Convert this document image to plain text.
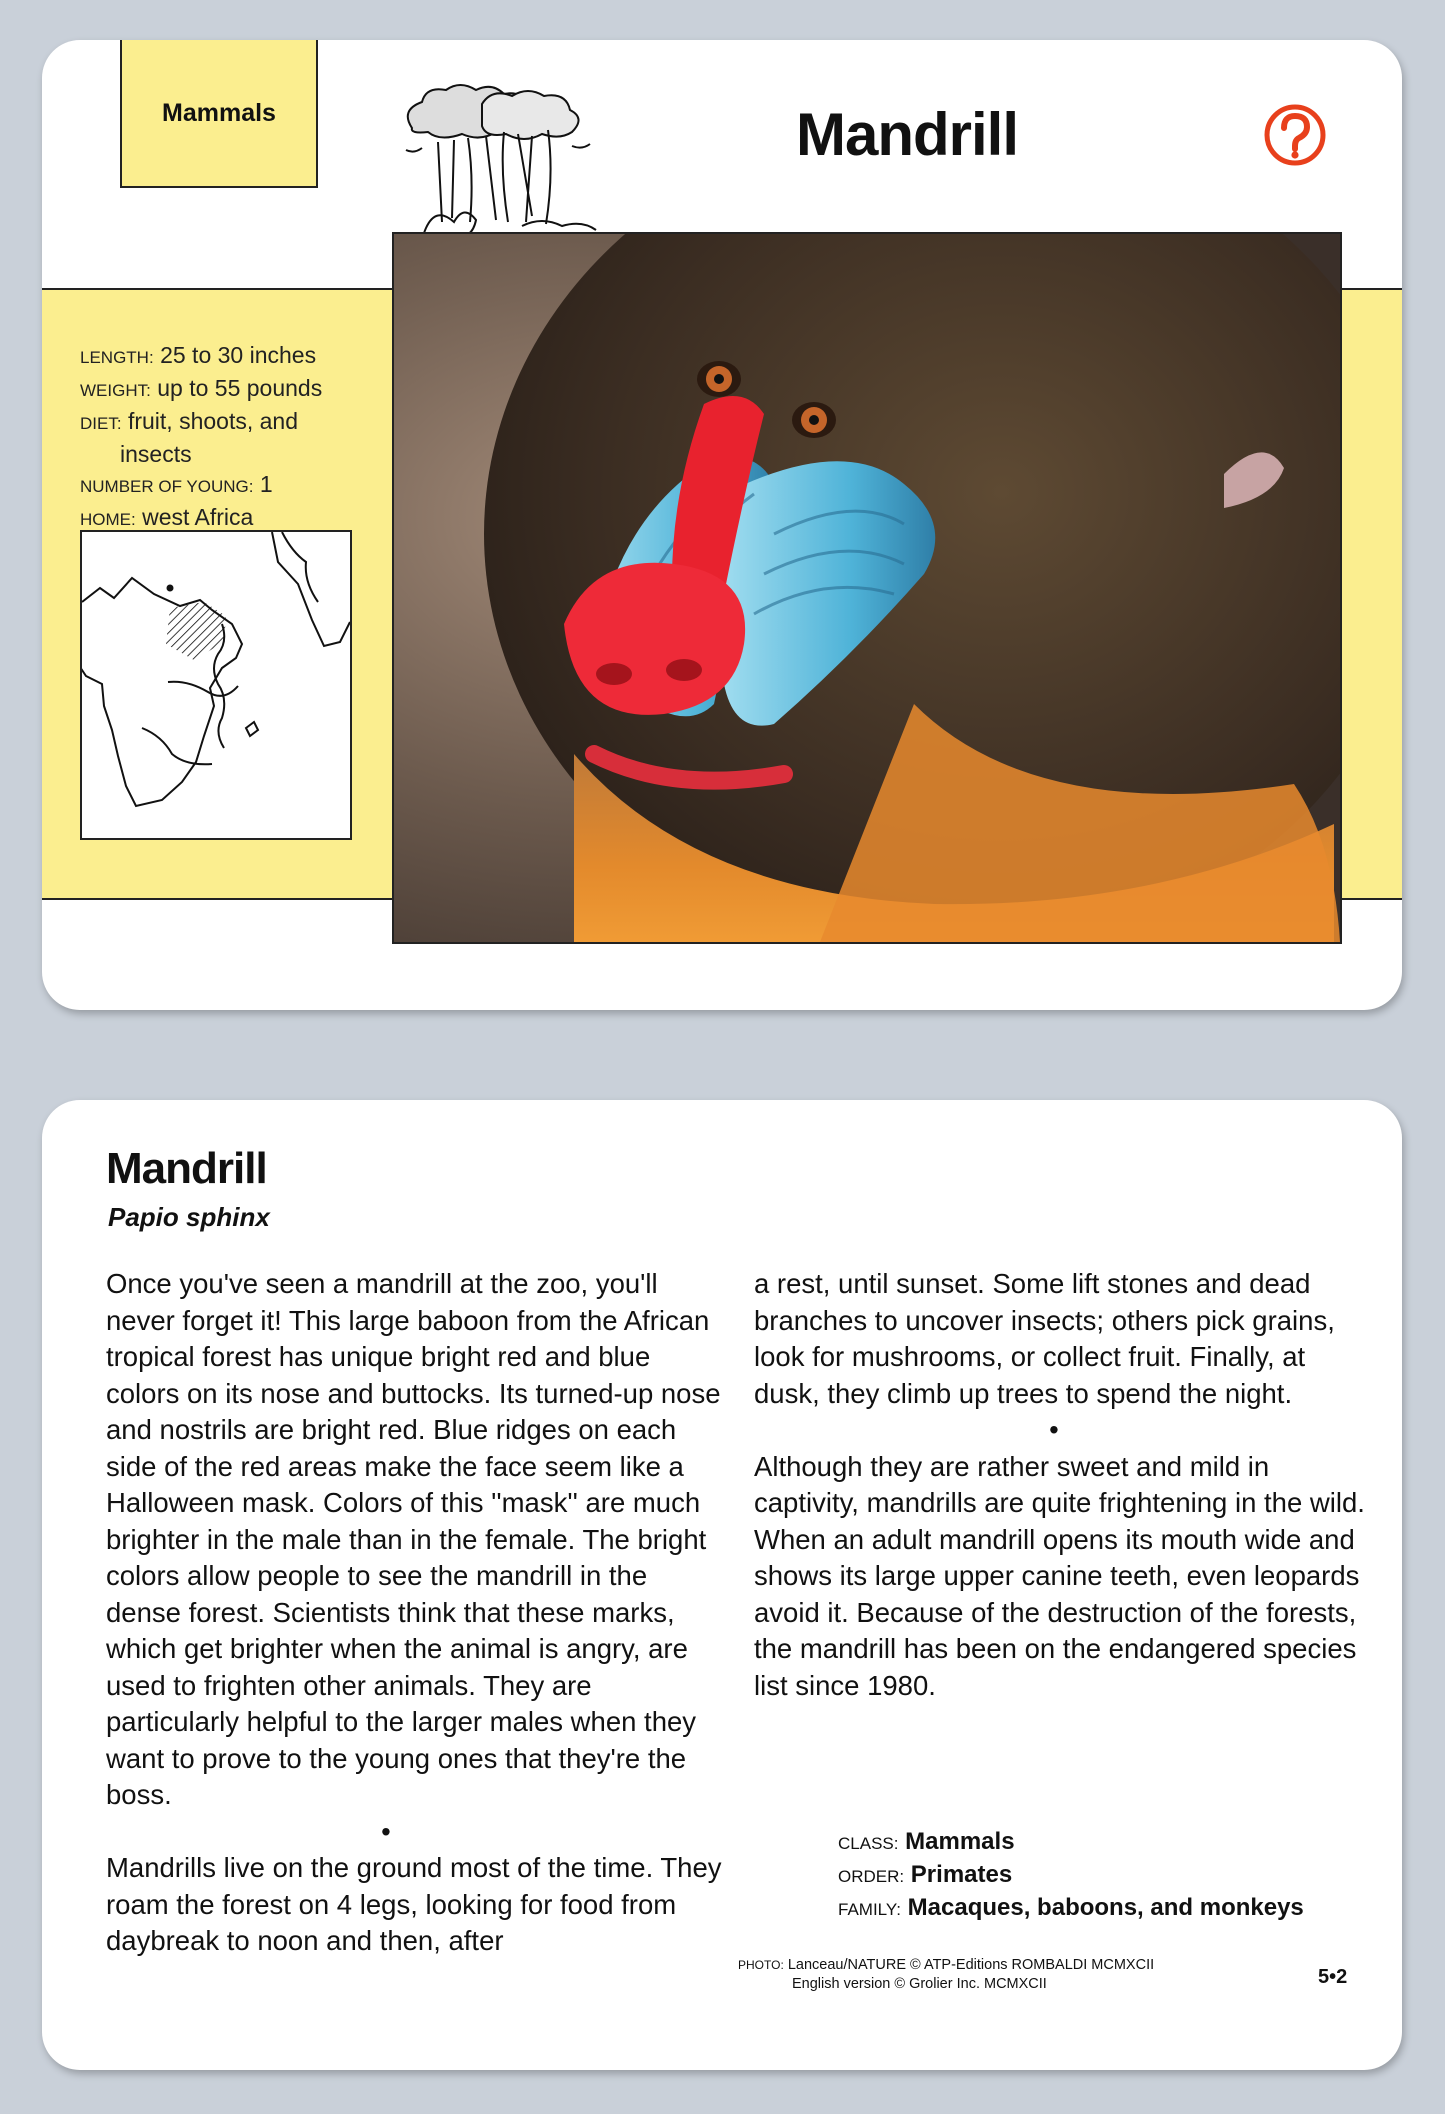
Mammals	Mandrill
LENGTH: 25 to 30 inches
WEIGHT: up to 55 pounds
DIET: fruit, shoots, and
insects
NUMBER OF YOUNG: 1
HOME: west Africa
Mandrill
Papio sphinx

Once you've seen a mandrill at the zoo, you'll never forget it! This large baboon from the African tropical forest has unique bright red and blue colors on its nose and buttocks. Its turned-up nose and nostrils are bright red. Blue ridges on each side of the red areas make the face seem like a Halloween mask. Colors of this ''mask'' are much brighter in the male than in the female. The bright colors allow people to see the mandrill in the dense forest. Scientists think that these marks, which get brighter when the animal is angry, are used to frighten other animals. They are particularly helpful to the larger males when they want to prove to the young ones that they're the boss.

•

Mandrills live on the ground most of the time. They roam the forest on 4 legs, looking for food from daybreak to noon and then, after

a rest, until sunset. Some lift stones and dead branches to uncover insects; others pick grains, look for mushrooms, or collect fruit. Finally, at dusk, they climb up trees to spend the night.

•

Although they are rather sweet and mild in captivity, mandrills are quite frightening in the wild. When an adult mandrill opens its mouth wide and shows its large upper canine teeth, even leopards avoid it. Because of the destruction of the forests, the mandrill has been on the endangered species list since 1980.

CLASS: Mammals
ORDER: Primates
FAMILY: Macaques, baboons, and monkeys
PHOTO: Lanceau/NATURE © ATP-Editions ROMBALDI MCMXCII
English version © Grolier Inc. MCMXCII	5•2
